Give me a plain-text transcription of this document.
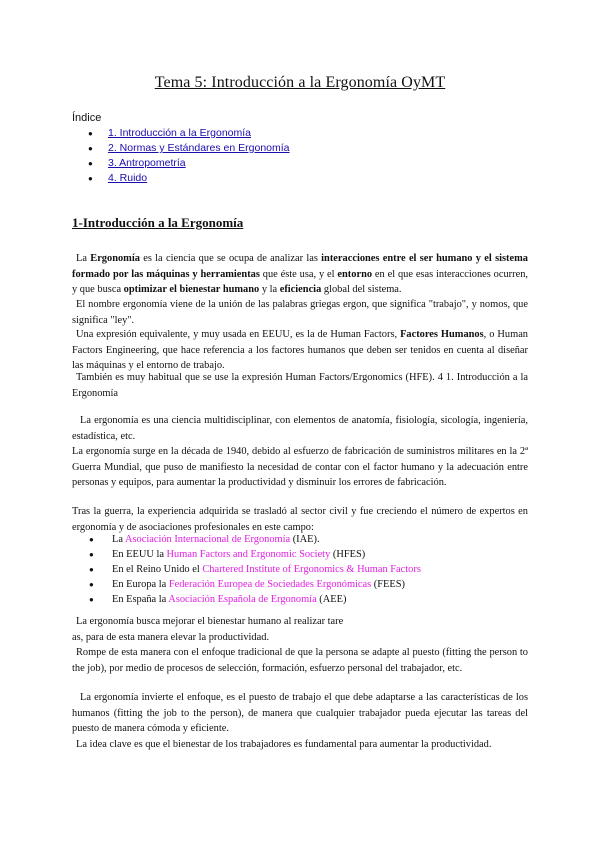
Tema 5: Introducción a la Ergonomía OyMT
Índice
● 1. Introducción a la Ergonomía
● 2. Normas y Estándares en Ergonomía
● 3. Antropometría
● 4. Ruido
1-Introducción a la Ergonomía

La Ergonomía es la ciencia que se ocupa de analizar las interacciones entre el ser humano y el sistema formado por las máquinas y herramientas que éste usa, y el entorno en el que esas interacciones ocurren, y que busca optimizar el bienestar humano y la eficiencia global del sistema.

El nombre ergonomía viene de la unión de las palabras griegas ergon, que significa "trabajo", y nomos, que significa "ley".

Una expresión equivalente, y muy usada en EEUU, es la de Human Factors, Factores Humanos, o Human Factors Engineering, que hace referencia a los factores humanos que deben ser tenidos en cuenta al diseñar las máquinas y el entorno de trabajo.

También es muy habitual que se use la expresión Human Factors/Ergonomics (HFE). 4 1. Introducción a la Ergonomía

La ergonomía es una ciencia multidisciplinar, con elementos de anatomía, fisiología, sicología, ingeniería, estadística, etc.

La ergonomía surge en la década de 1940, debido al esfuerzo de fabricación de suministros militares en la 2ª Guerra Mundial, que puso de manifiesto la necesidad de contar con el factor humano y la adecuación entre personas y equipos, para aumentar la productividad y disminuir los errores de fabricación.

Tras la guerra, la experiencia adquirida se trasladó al sector civil y fue creciendo el número de expertos en ergonomía y de asociaciones profesionales en este campo:

● La Asociación Internacional de Ergonomía (IAE).
● En EEUU la Human Factors and Ergonomic Society (HFES)
● En el Reino Unido el Chartered Institute of Ergonomics & Human Factors
● En Europa la Federación Europea de Sociedades Ergonómicas (FEES)
● En España la Asociación Española de Ergonomía (AEE)

La ergonomía busca mejorar el bienestar humano al realizar tare

as, para de esta manera elevar la productividad.

Rompe de esta manera con el enfoque tradicional de que la persona se adapte al puesto (fitting the person to the job), por medio de procesos de selección, formación, esfuerzo personal del trabajador, etc.

La ergonomía invierte el enfoque, es el puesto de trabajo el que debe adaptarse a las características de los humanos (fitting the job to the person), de manera que cualquier trabajador pueda ejecutar las tareas del puesto de manera cómoda y eficiente.

La idea clave es que el bienestar de los trabajadores es fundamental para aumentar la productividad.
